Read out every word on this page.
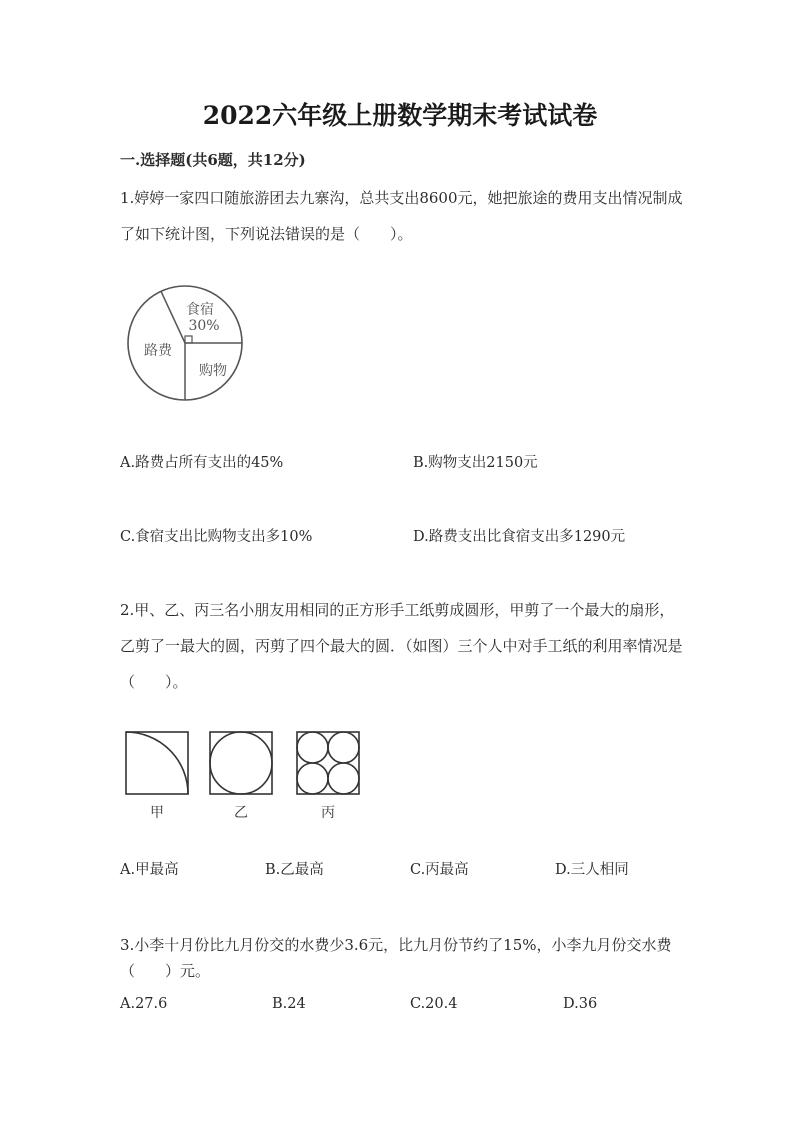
2022六年级上册数学期末考试试卷
一.选择题(共6题，共12分)
1.婷婷一家四口随旅游团去九寨沟，总共支出8600元，她把旅途的费用支出情况制成了如下统计图，下列说法错误的是（　　）。
食宿
30%
路费
购物
A.路费占所有支出的45%	B.购物支出2150元
C.食宿支出比购物支出多10%	D.路费支出比食宿支出多1290元
2.甲、乙、丙三名小朋友用相同的正方形手工纸剪成圆形，甲剪了一个最大的扇形，乙剪了一最大的圆，丙剪了四个最大的圆．（如图）三个人中对手工纸的利用率情况是（　　）。
甲	乙	丙
A.甲最高	B.乙最高	C.丙最高	D.三人相同
3.小李十月份比九月份交的水费少3.6元，比九月份节约了15%，小李九月份交水费（　　）元。
A.27.6	B.24	C.20.4	D.36
